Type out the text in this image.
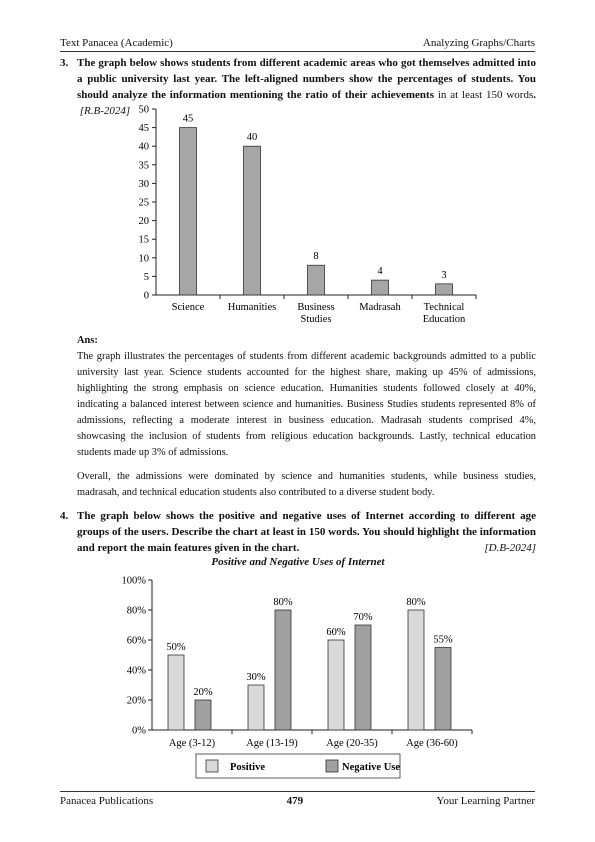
Text Panacea (Academic)	Analyzing Graphs/Charts
3. The graph below shows students from different academic areas who got themselves admitted into a public university last year. The left-aligned numbers show the percentages of students. You should analyze the information mentioning the ratio of their achievements in at least 150 words.  [R.B-2024]
0
5
10
15
20
25
30
35
40
45
50
45
Science
40
Humanities
8
Business
Studies
4
Madrasah
3
Technical
Education
Ans:

The graph illustrates the percentages of students from different academic backgrounds admitted to a public university last year. Science students accounted for the highest share, making up 45% of admissions, highlighting the strong emphasis on science education. Humanities students followed closely at 40%, indicating a balanced interest between science and humanities. Business Studies students represented 8% of admissions, reflecting a moderate interest in business education. Madrasah students comprised 4%, showcasing the inclusion of students from religious education backgrounds. Lastly, technical education students made up 3% of admissions.

Overall, the admissions were dominated by science and humanities students, while business studies, madrasah, and technical education students also contributed to a diverse student body.

4. The graph below shows the positive and negative uses of Internet according to different age groups of the users. Describe the chart at least in 150 words. You should highlight the information and report the main features given in the chart.	[D.B-2024]
Positive and Negative Uses of Internet
0%
20%
40%
60%
80%
100%
50%
20%
Age (3-12)
30%
80%
Age (13-19)
60%
70%
Age (20-35)
80%
55%
Age (36-60)
Positive	Negative Use
Panacea Publications	479	Your Learning Partner
